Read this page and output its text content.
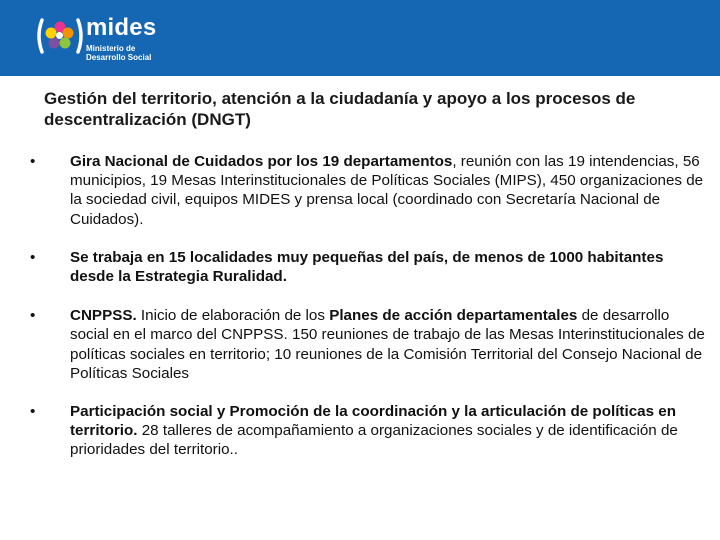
mides
Ministerio de
Desarrollo Social
Gestión del territorio, atención a la ciudadanía y apoyo a los procesos de descentralización (DNGT)
•	Gira Nacional de Cuidados por los 19 departamentos, reunión con las 19 intendencias, 56 municipios, 19 Mesas Interinstitucionales de Políticas Sociales (MIPS), 450 organizaciones de la sociedad civil, equipos MIDES y prensa local (coordinado con Secretaría Nacional de Cuidados).
•	Se trabaja en 15 localidades muy pequeñas del país, de menos de 1000 habitantes desde la Estrategia Ruralidad.
•	CNPPSS. Inicio de elaboración de los Planes de acción departamentales de desarrollo social en el marco del CNPPSS. 150 reuniones de trabajo de las Mesas Interinstitucionales de políticas sociales en territorio; 10 reuniones de la Comisión Territorial del Consejo Nacional de Políticas Sociales
•	Participación social y Promoción de la coordinación y la articulación de políticas en territorio. 28 talleres de acompañamiento a organizaciones sociales y de identificación de prioridades del territorio..
